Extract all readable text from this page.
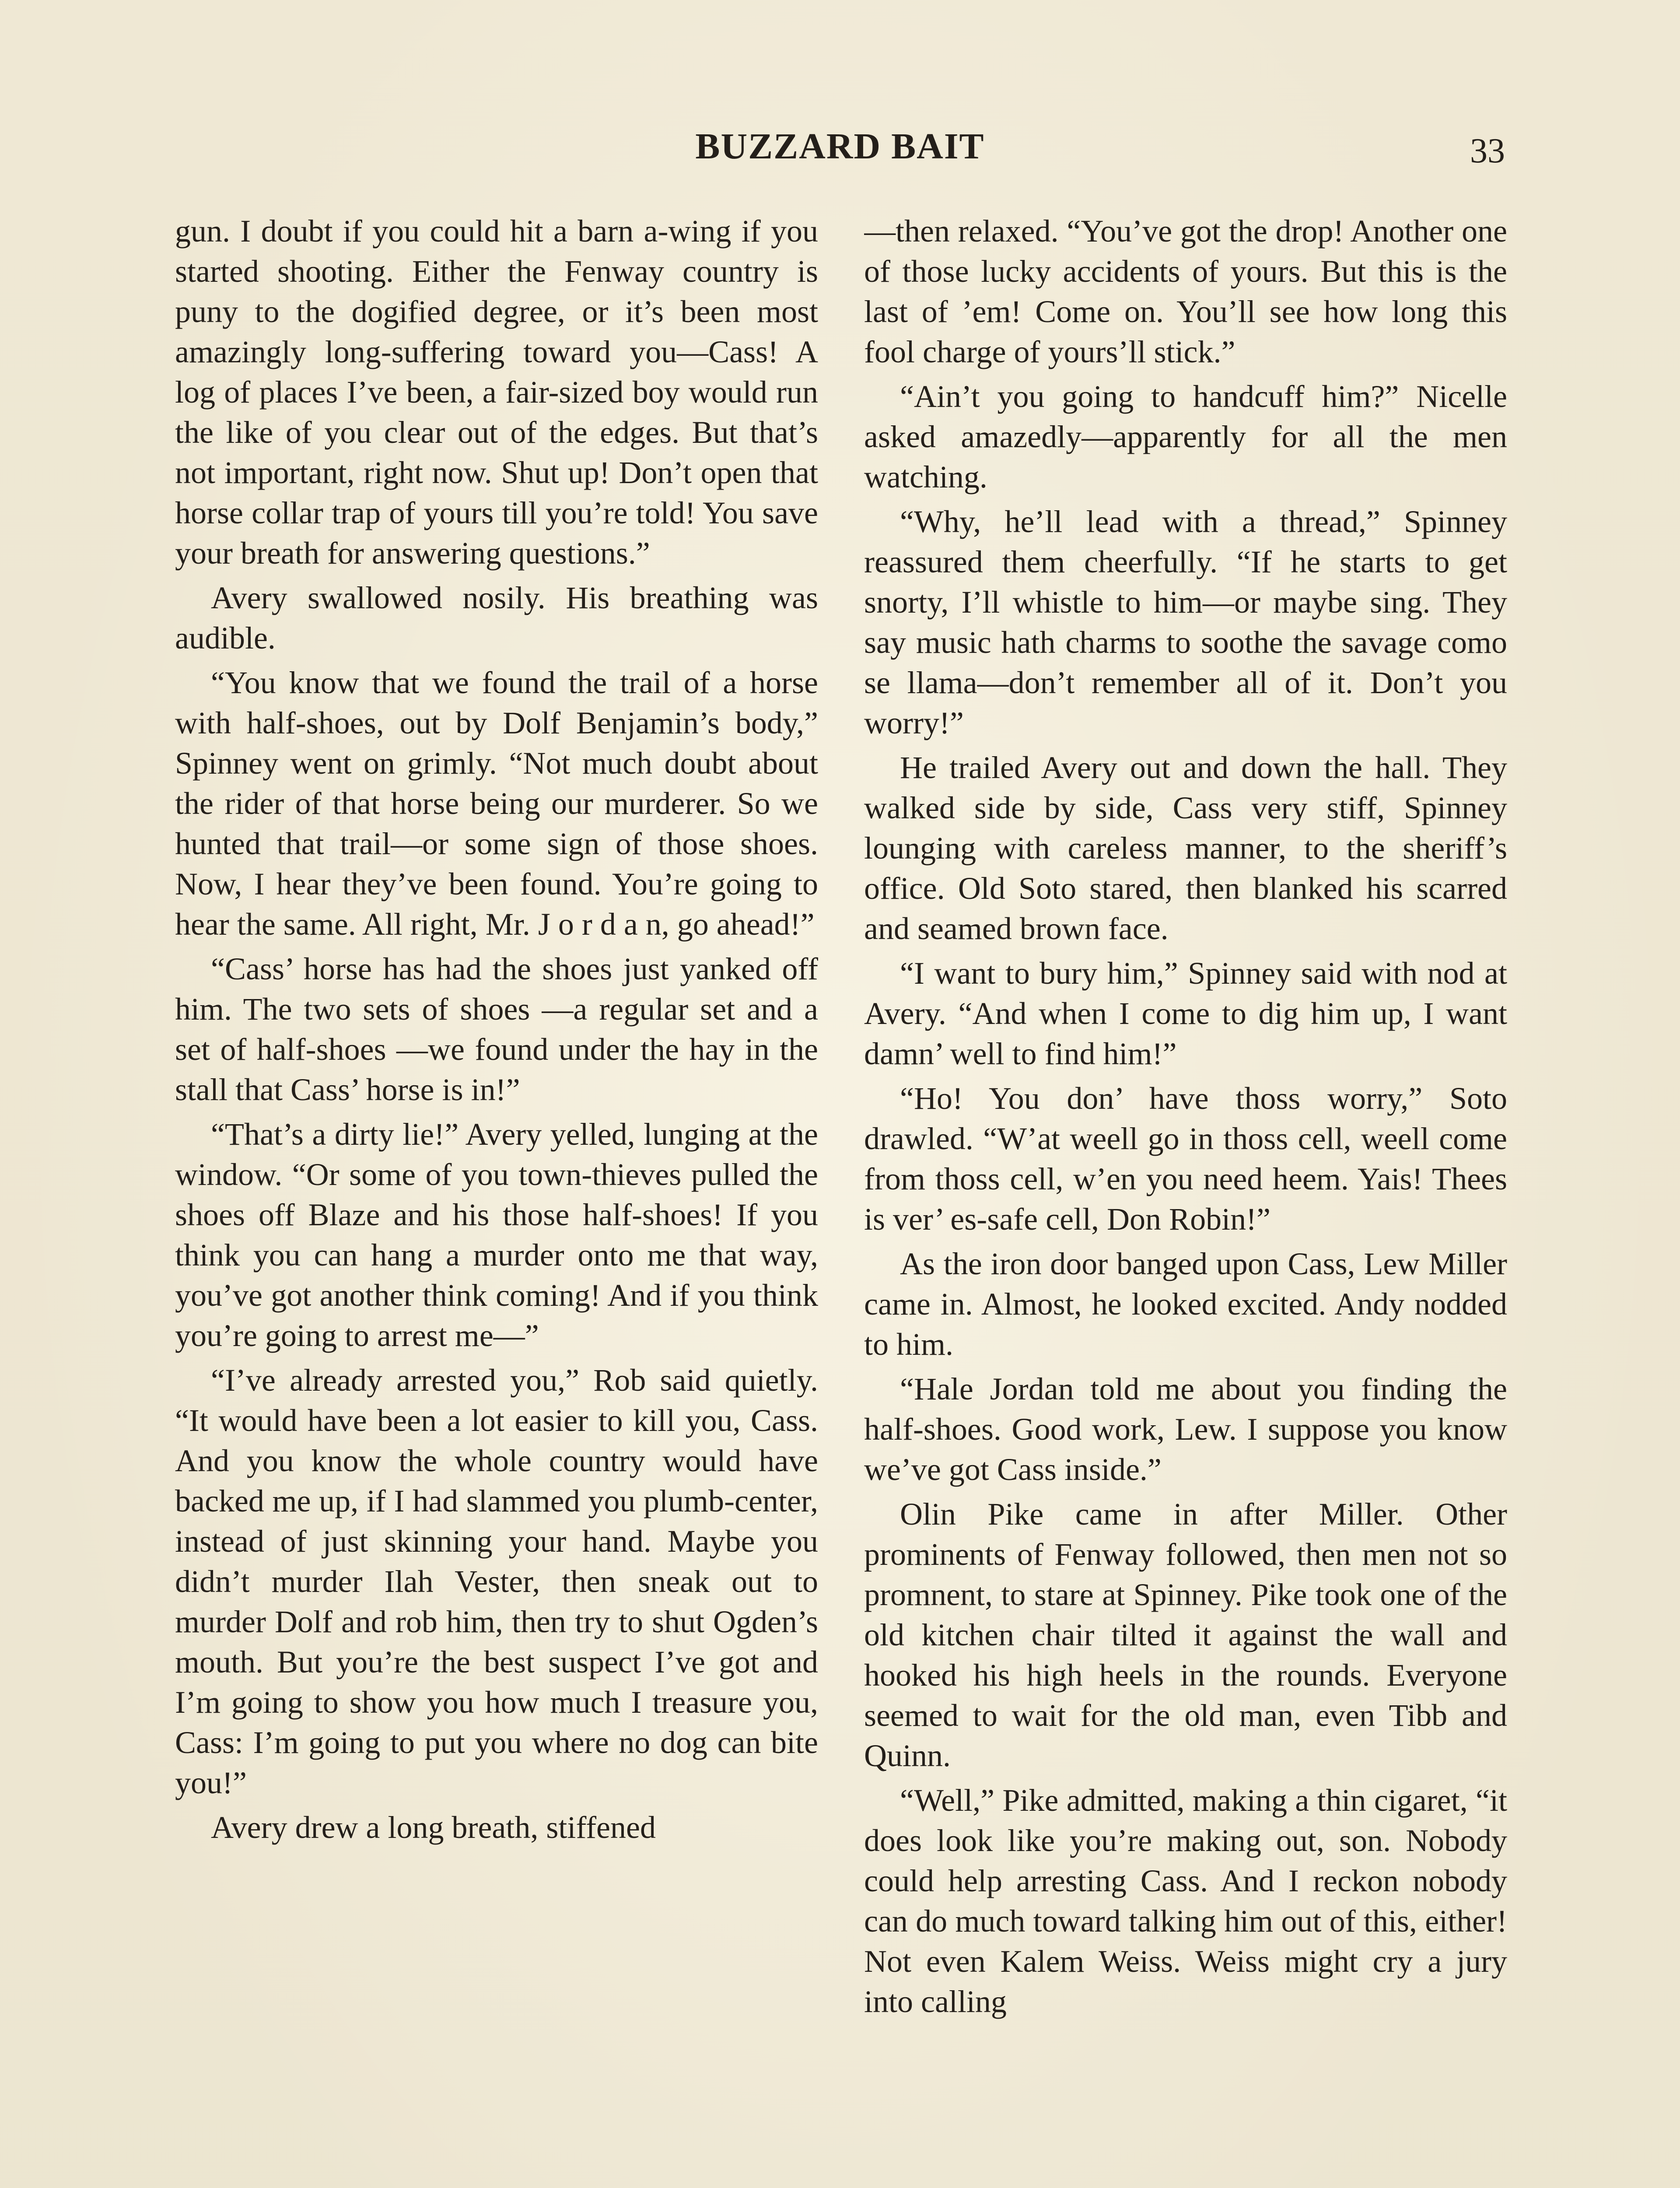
BUZZARD BAIT	33

gun. I doubt if you could hit a barn a-wing if you started shooting. Either the Fenway country is puny to the dogified degree, or it’s been most amazingly long-suffering toward you—Cass! A log of places I’ve been, a fair-sized boy would run the like of you clear out of the edges. But that’s not important, right now. Shut up! Don’t open that horse collar trap of yours till you’re told! You save your breath for answering questions.”

Avery swallowed nosily. His breathing was audible.

“You know that we found the trail of a horse with half-shoes, out by Dolf Benjamin’s body,” Spinney went on grimly. “Not much doubt about the rider of that horse being our murderer. So we hunted that trail—or some sign of those shoes. Now, I hear they’ve been found. You’re going to hear the same. All right, Mr. J o r d a n, go ahead!”

“Cass’ horse has had the shoes just yanked off him. The two sets of shoes —a regular set and a set of half-shoes —we found under the hay in the stall that Cass’ horse is in!”

“That’s a dirty lie!” Avery yelled, lunging at the window. “Or some of you town-thieves pulled the shoes off Blaze and his those half-shoes! If you think you can hang a murder onto me that way, you’ve got another think coming! And if you think you’re going to arrest me—”

“I’ve already arrested you,” Rob said quietly. “It would have been a lot easier to kill you, Cass. And you know the whole country would have backed me up, if I had slammed you plumb-center, instead of just skinning your hand. Maybe you didn’t murder Ilah Vester, then sneak out to murder Dolf and rob him, then try to shut Ogden’s mouth. But you’re the best suspect I’ve got and I’m going to show you how much I treasure you, Cass: I’m going to put you where no dog can bite you!”

Avery drew a long breath, stiffened

—then relaxed. “You’ve got the drop! Another one of those lucky accidents of yours. But this is the last of ’em! Come on. You’ll see how long this fool charge of yours’ll stick.”

“Ain’t you going to handcuff him?” Nicelle asked amazedly—apparently for all the men watching.

“Why, he’ll lead with a thread,” Spinney reassured them cheerfully. “If he starts to get snorty, I’ll whistle to him—or maybe sing. They say music hath charms to soothe the savage como se llama—don’t remember all of it. Don’t you worry!”

He trailed Avery out and down the hall. They walked side by side, Cass very stiff, Spinney lounging with careless manner, to the sheriff’s office. Old Soto stared, then blanked his scarred and seamed brown face.

“I want to bury him,” Spinney said with nod at Avery. “And when I come to dig him up, I want damn’ well to find him!”

“Ho! You don’ have thoss worry,” Soto drawled. “W’at weell go in thoss cell, weell come from thoss cell, w’en you need heem. Yais! Thees is ver’ es-safe cell, Don Robin!”

As the iron door banged upon Cass, Lew Miller came in. Almost, he looked excited. Andy nodded to him.

“Hale Jordan told me about you finding the half-shoes. Good work, Lew. I suppose you know we’ve got Cass inside.”

Olin Pike came in after Miller. Other prominents of Fenway followed, then men not so promnent, to stare at Spinney. Pike took one of the old kitchen chair tilted it against the wall and hooked his high heels in the rounds. Everyone seemed to wait for the old man, even Tibb and Quinn.

“Well,” Pike admitted, making a thin cigaret, “it does look like you’re making out, son. Nobody could help arresting Cass. And I reckon nobody can do much toward talking him out of this, either! Not even Kalem Weiss. Weiss might cry a jury into calling
